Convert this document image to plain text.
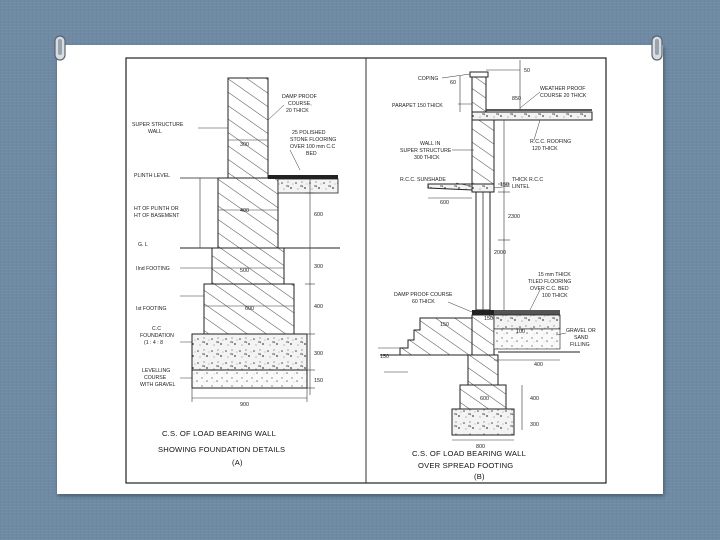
SUPER STRUCTURE
WALL
DAMP PROOF
COURSE,
20 THICK
25 POLISHED
STONE FLOORING
OVER 100 mm C.C
BED
PLINTH LEVEL
HT OF PLINTH OR
HT OF BASEMENT
G. L
IInd FOOTING
Ist FOOTING
C.C
FOUNDATION
(1 : 4 : 8
LEVELLING
COURSE
WITH GRAVEL
300
400
600
500
600
300
400
300
150
900
C.S. OF LOAD BEARING WALL
SHOWING FOUNDATION DETAILS
(A)
COPING
PARAPET 150 THICK
WEATHER PROOF
COURSE 20 THICK
WALL IN
SUPER STRUCTURE
300 THICK
R.C.C. ROOFING
120 THICK
R.C.C. SUNSHADE	THICK R.C.C
LINTEL
15 mm THICK
TILED FLOORING
OVER C.C. BED
100 THICK
DAMP PROOF COURSE
60 THICK
GRAVEL OR
SAND
FILLING
50
60
850
150
600
2300
2000
150
150
100
400
150
600	400
300
800
C.S. OF LOAD BEARING WALL
OVER SPREAD FOOTING
(B)
